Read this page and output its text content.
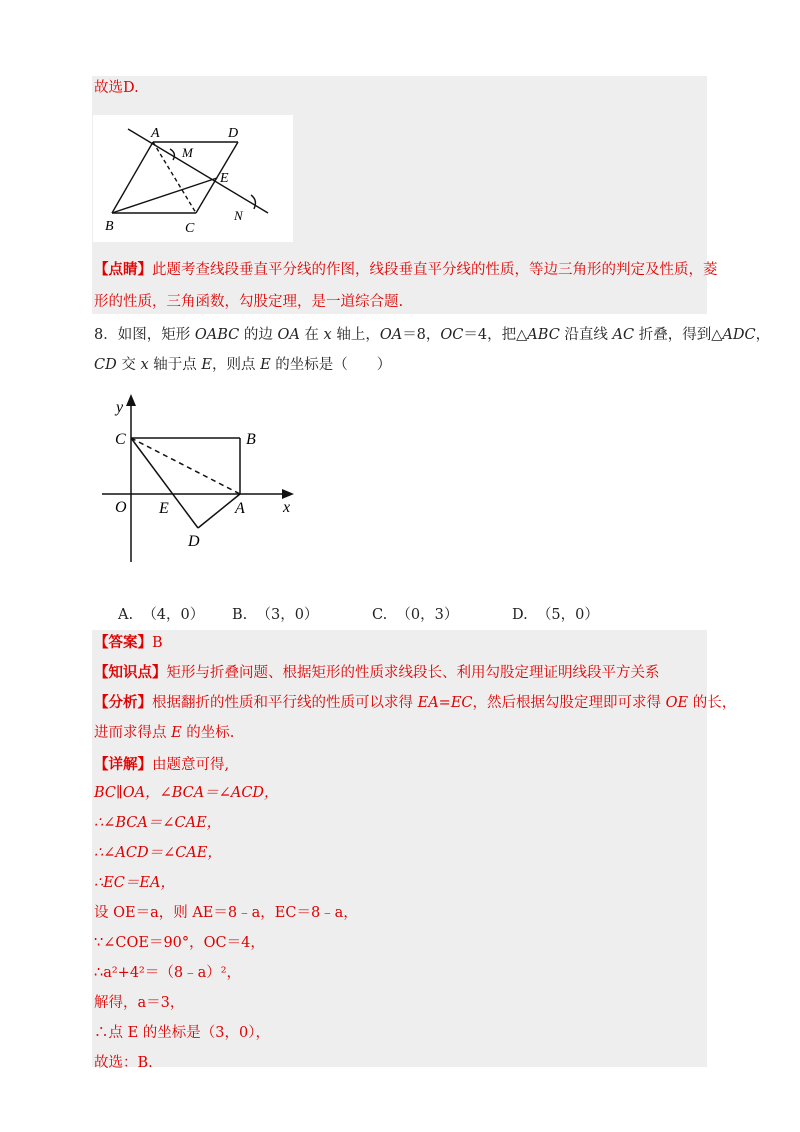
故选D.
A	D
M
E
B	C
N
【点睛】此题考查线段垂直平分线的作图，线段垂直平分线的性质，等边三角形的判定及性质，菱
形的性质，三角函数，勾股定理，是一道综合题.
8．如图，矩形 OABC 的边 OA 在 x 轴上，OA＝8，OC＝4，把△ABC 沿直线 AC 折叠，得到△ADC，
CD 交 x 轴于点 E，则点 E 的坐标是（　　）
y
C	B
O E	A x
D
A. （4，0） B. （3，0）	C. （0，3）	D. （5，0）
【答案】B
【知识点】矩形与折叠问题、根据矩形的性质求线段长、利用勾股定理证明线段平方关系
【分析】根据翻折的性质和平行线的性质可以求得 EA=EC，然后根据勾股定理即可求得 OE 的长，
进而求得点 E 的坐标.
【详解】由题意可得,
BC∥OA，∠BCA＝∠ACD，
∴∠BCA＝∠CAE，
∴∠ACD＝∠CAE，
∴EC＝EA，
设 OE＝a，则 AE＝8﹣a，EC＝8﹣a，
∵∠COE＝90°，OC＝4，
∴a²+4²＝（8﹣a）²，
解得，a＝3，
∴点 E 的坐标是（3，0），
故选：B.
